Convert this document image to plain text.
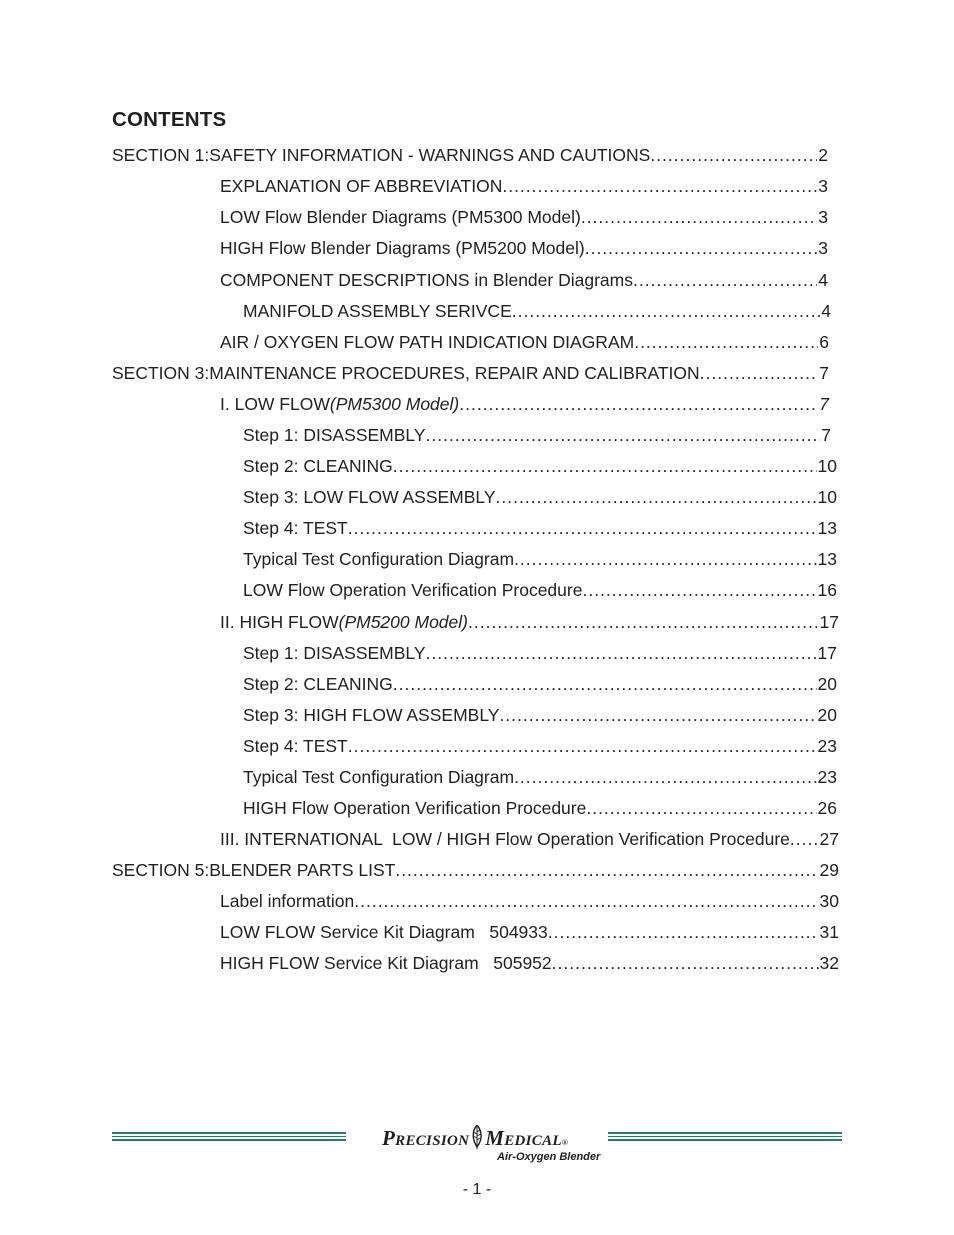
CONTENTS
SECTION 1: SAFETY INFORMATION - WARNINGS AND CAUTIONS .....	2
EXPLANATION OF ABBREVIATION .....	3
LOW Flow Blender Diagrams (PM5300 Model) .....	3
HIGH Flow Blender Diagrams (PM5200 Model) .....	3
COMPONENT DESCRIPTIONS in Blender Diagrams .....	4
MANIFOLD ASSEMBLY SERIVCE .....	4
AIR / OXYGEN FLOW PATH INDICATION DIAGRAM .....	6
SECTION 3: MAINTENANCE PROCEDURES, REPAIR AND CALIBRATION .....	7
I. LOW FLOW (PM5300 Model) .....	7
Step 1: DISASSEMBLY .....	7
Step 2: CLEANING .....	10
Step 3: LOW FLOW ASSEMBLY .....	10
Step 4: TEST .....	13
Typical Test Configuration Diagram .....	13
LOW Flow Operation Verification Procedure .....	16
II. HIGH FLOW (PM5200 Model) .....	17
Step 1: DISASSEMBLY .....	17
Step 2: CLEANING .....	20
Step 3: HIGH FLOW ASSEMBLY .....	20
Step 4: TEST .....	23
Typical Test Configuration Diagram .....	23
HIGH Flow Operation Verification Procedure .....	26
III. INTERNATIONAL  LOW / HIGH Flow Operation Verification Procedure ..... 27
SECTION 5: BLENDER PARTS LIST .....	29
Label information .....	30
LOW FLOW Service Kit Diagram   504933 .....	31
HIGH FLOW Service Kit Diagram   505952 .....	32
PRECISION MEDICAL®
Air-Oxygen Blender
- 1 -
